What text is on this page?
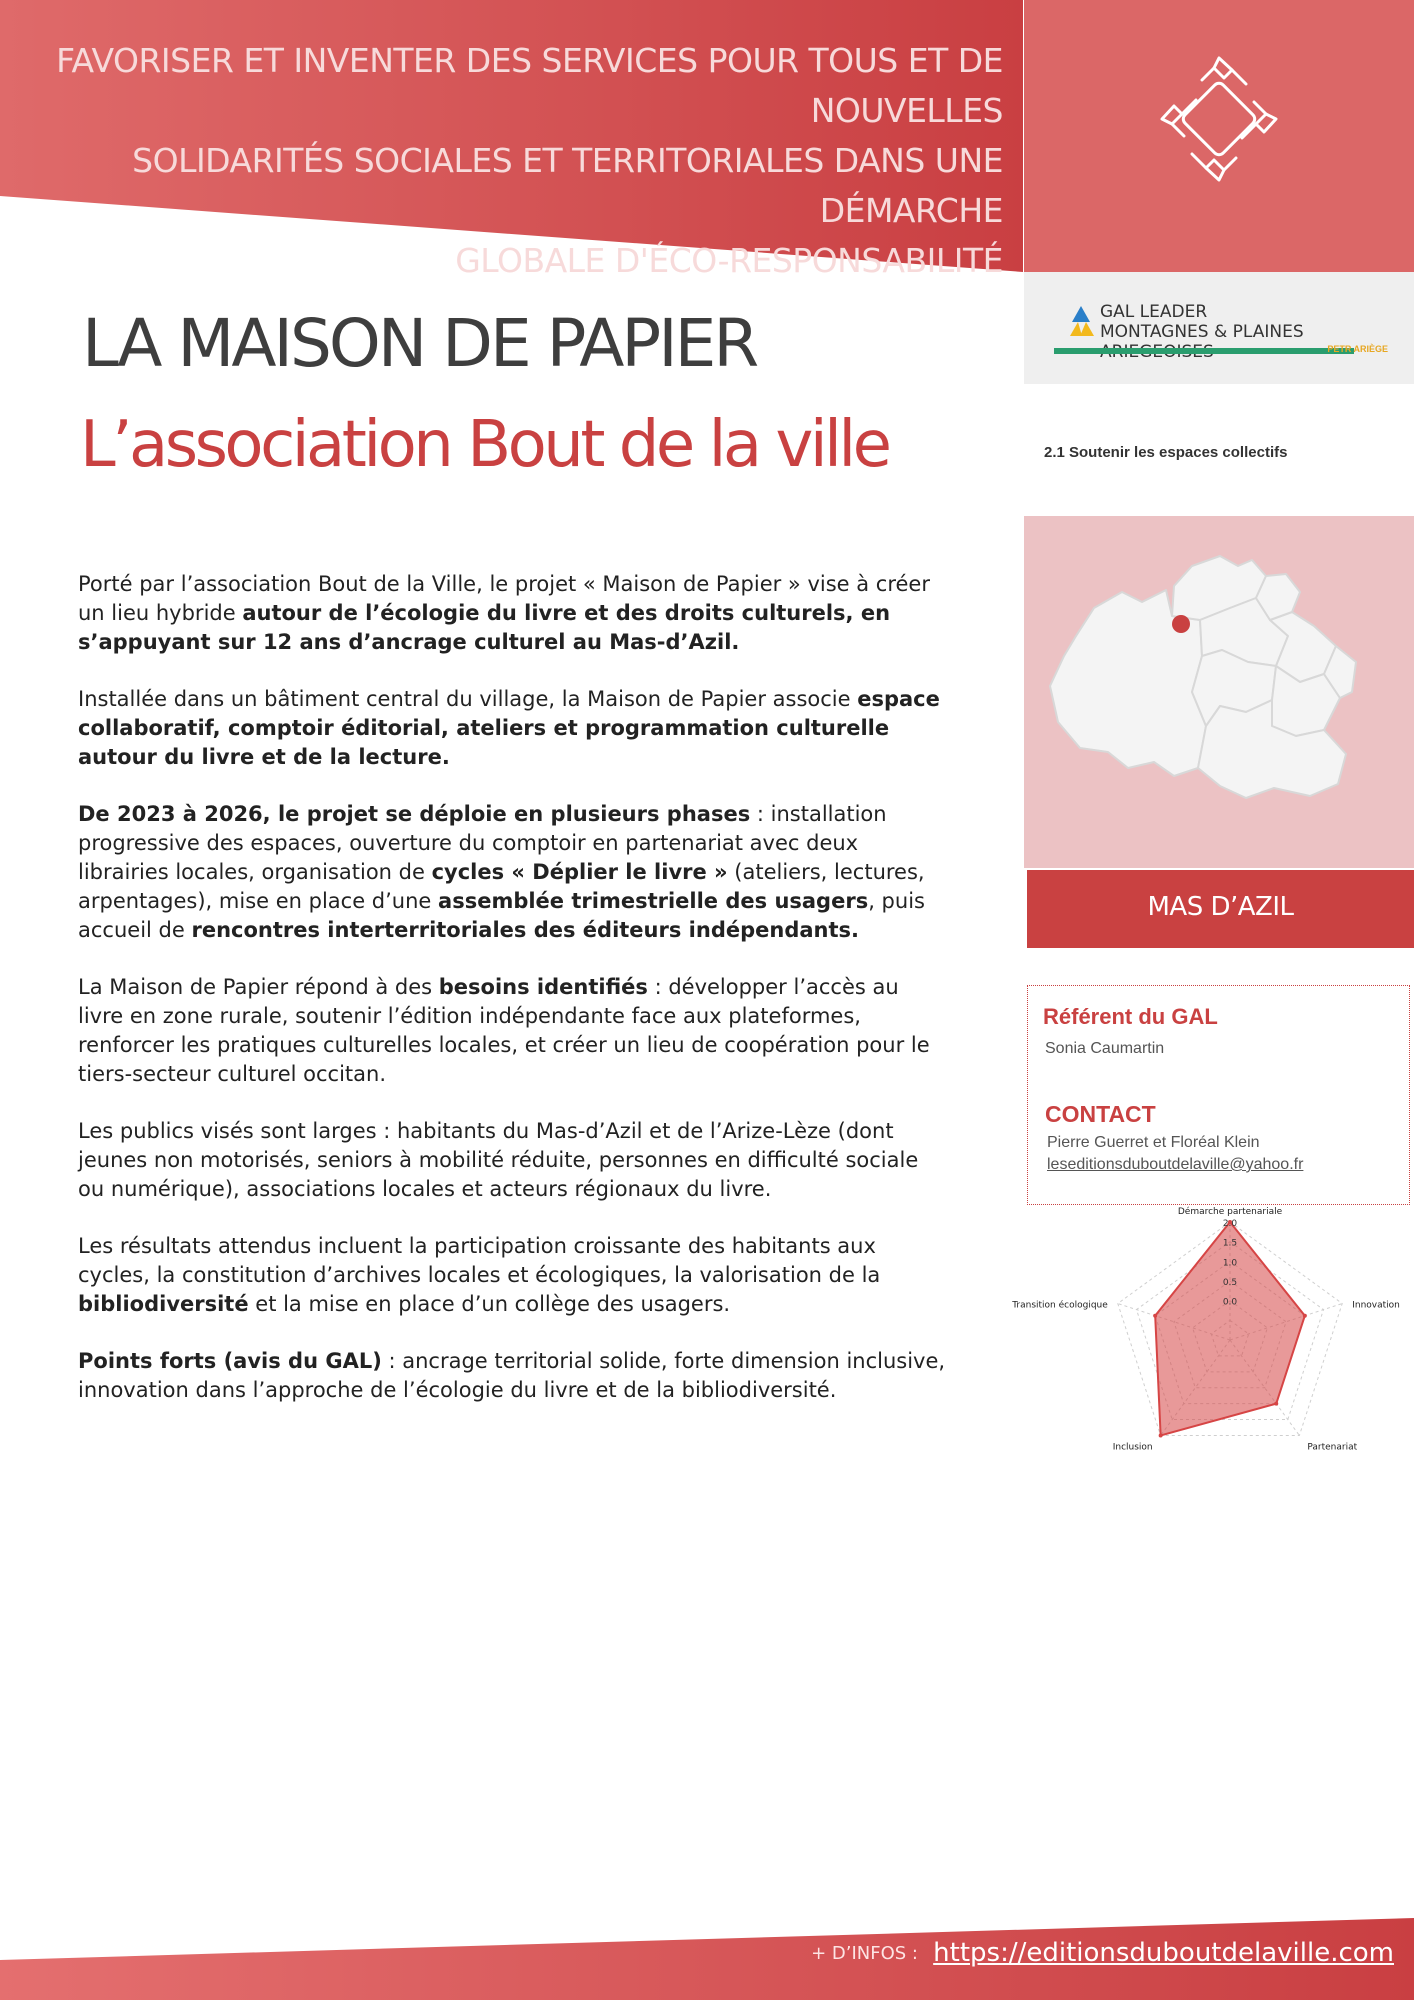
FAVORISER ET INVENTER DES SERVICES POUR TOUS ET DE NOUVELLES
SOLIDARITÉS SOCIALES ET TERRITORIALES DANS UNE DÉMARCHE
GLOBALE D'ÉCO-RESPONSABILITÉ
GAL LEADER
MONTAGNES & PLAINES
PETR ARIÈGE
2.1 Soutenir les espaces collectifs
MAS D’AZIL
Référent du GAL
Sonia Caumartin
CONTACT
Pierre Guerret et Floréal Klein
leseditionsduboutdelaville@yahoo.fr
2.0
1.5
1.0
0.5
0.0
Démarche partenariale
Innovation
Partenariat
Inclusion
Transition écologique
LA MAISON DE PAPIER
L’association Bout de la ville

Porté par l’association Bout de la Ville, le projet « Maison de Papier » vise à créer un lieu hybride autour de l’écologie du livre et des droits culturels, en s’appuyant sur 12 ans d’ancrage culturel au Mas-d’Azil.

Installée dans un bâtiment central du village, la Maison de Papier associe espace collaboratif, comptoir éditorial, ateliers et programmation culturelle autour du livre et de la lecture.

De 2023 à 2026, le projet se déploie en plusieurs phases : installation progressive des espaces, ouverture du comptoir en partenariat avec deux librairies locales, organisation de cycles « Déplier le livre » (ateliers, lectures, arpentages), mise en place d’une assemblée trimestrielle des usagers, puis accueil de rencontres interterritoriales des éditeurs indépendants.

La Maison de Papier répond à des besoins identifiés : développer l’accès au livre en zone rurale, soutenir l’édition indépendante face aux plateformes, renforcer les pratiques culturelles locales, et créer un lieu de coopération pour le tiers-secteur culturel occitan.

Les publics visés sont larges : habitants du Mas-d’Azil et de l’Arize-Lèze (dont jeunes non motorisés, seniors à mobilité réduite, personnes en difficulté sociale ou numérique), associations locales et acteurs régionaux du livre.

Les résultats attendus incluent la participation croissante des habitants aux cycles, la constitution d’archives locales et écologiques, la valorisation de la bibliodiversité et la mise en place d’un collège des usagers.

Points forts (avis du GAL) : ancrage territorial solide, forte dimension inclusive, innovation dans l’approche de l’écologie du livre et de la bibliodiversité.

+ D’INFOS : https://editionsduboutdelaville.com
